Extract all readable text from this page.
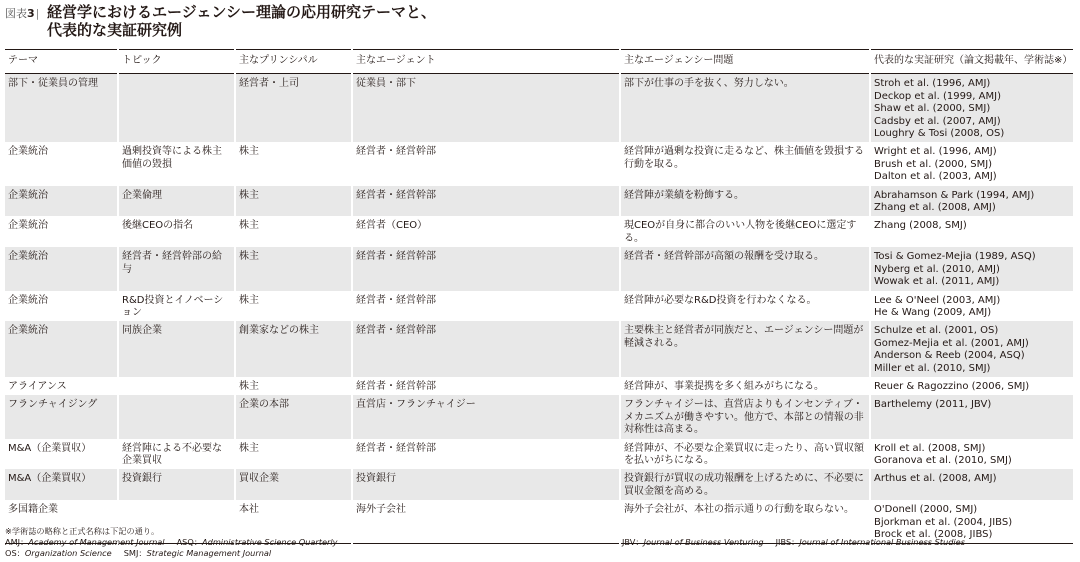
図表3| 経営学におけるエージェンシー理論の応用研究テーマと、
代表的な実証研究例
テーマ	トピック	主なプリンシパル	主なエージェント	主なエージェンシー問題	代表的な実証研究（論文掲載年、学術誌※）
部下・従業員の管理		経営者・上司	従業員・部下	部下が仕事の手を抜く、努力しない。	Stroh et al. (1996, AMJ)
Deckop et al. (1999, AMJ)
Shaw et al. (2000, SMJ)
Cadsby et al. (2007, AMJ)
Loughry & Tosi (2008, OS)

企業統治	過剰投資等による株主価値の毀損	株主	経営者・経営幹部	経営陣が過剰な投資に走るなど、株主価値を毀損する行動を取る。	Wright et al. (1996, AMJ)
Brush et al. (2000, SMJ)
Dalton et al. (2003, AMJ)

企業統治	企業倫理	株主	経営者・経営幹部	経営陣が業績を粉飾する。	Abrahamson & Park (1994, AMJ)
Zhang et al. (2008, AMJ)

企業統治	後継CEOの指名	株主	経営者（CEO）	現CEOが自身に都合のいい人物を後継CEOに選定する。	Zhang (2008, SMJ)

企業統治	経営者・経営幹部の給与	株主	経営者・経営幹部	経営者・経営幹部が高額の報酬を受け取る。	Tosi & Gomez-Mejia (1989, ASQ)
Nyberg et al. (2010, AMJ)
Wowak et al. (2011, AMJ)

企業統治	R&D投資とイノベーション	株主	経営者・経営幹部	経営陣が必要なR&D投資を行わなくなる。	Lee & O'Neel (2003, AMJ)
He & Wang (2009, AMJ)

企業統治	同族企業	創業家などの株主	経営者・経営幹部	主要株主と経営者が同族だと、エージェンシー問題が軽減される。	Schulze et al. (2001, OS)
Gomez-Mejia et al. (2001, AMJ)
Anderson & Reeb (2004, ASQ)
Miller et al. (2010, SMJ)

アライアンス		株主	経営者・経営幹部	経営陣が、事業提携を多く組みがちになる。	Reuer & Ragozzino (2006, SMJ)

フランチャイジング		企業の本部	直営店・フランチャイジー	フランチャイジーは、直営店よりもインセンティブ・メカニズムが働きやすい。他方で、本部との情報の非対称性は高まる。	Barthelemy (2011, JBV)

M&A（企業買収）	経営陣による不必要な企業買収	株主	経営者・経営幹部	経営陣が、不必要な企業買収に走ったり、高い買収額を払いがちになる。	Kroll et al. (2008, SMJ)
Goranova et al. (2010, SMJ)

M&A（企業買収）	投資銀行	買収企業	投資銀行	投資銀行が買収の成功報酬を上げるために、不必要に買収金額を高める。	Arthus et al. (2008, AMJ)

多国籍企業		本社	海外子会社	海外子会社が、本社の指示通りの行動を取らない。	O'Donell (2000, SMJ)
Bjorkman et al. (2004, JIBS)
Brock et al. (2008, JIBS)
※学術誌の略称と正式名称は下記の通り。
AMJ：Academy of Management Journal ASQ：Administrative Science Quarterly
OS：Organization Science SMJ：Strategic Management Journal
JBV：Journal of Business Venturing JIBS：Journal of International Business Studies
